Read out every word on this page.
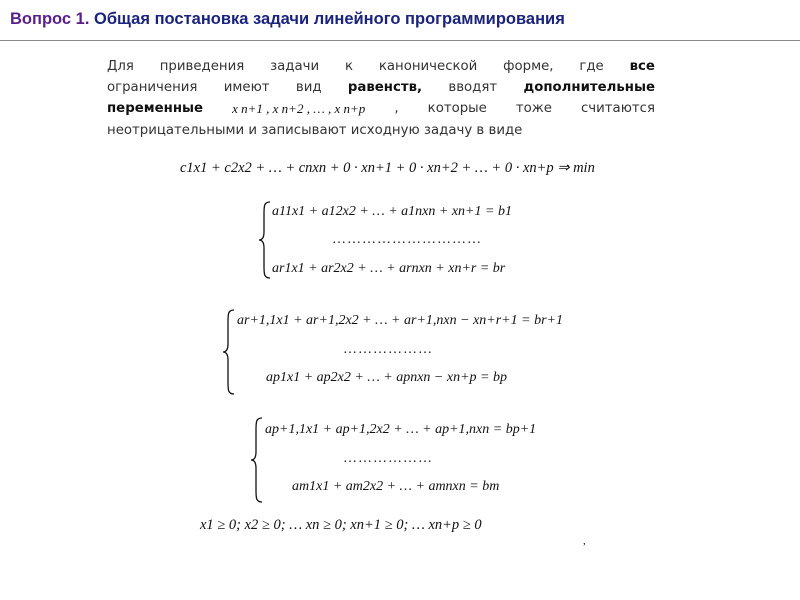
Вопрос 1. Общая постановка задачи линейного программирования
Для приведения задачи к канонической форме, где все
ограничения имеют вид равенств, вводят дополнительные
переменные x n+1 , x n+2 , … , x n+p , которые тоже считаются
неотрицательными и записывают исходную задачу в виде
c1x1 + c2x2 + … + cnxn + 0 · xn+1 + 0 · xn+2 + … + 0 · xn+p ⇒ min
a11x1 + a12x2 + … + a1nxn + xn+1 = b1
…………………………
ar1x1 + ar2x2 + … + arnxn + xn+r = br
ar+1,1x1 + ar+1,2x2 + … + ar+1,nxn − xn+r+1 = br+1
………………
ap1x1 + ap2x2 + … + apnxn − xn+p = bp
ap+1,1x1 + ap+1,2x2 + … + ap+1,nxn = bp+1
………………
am1x1 + am2x2 + … + amnxn = bm
x1 ≥ 0; x2 ≥ 0; … xn ≥ 0; xn+1 ≥ 0; … xn+p ≥ 0
,
